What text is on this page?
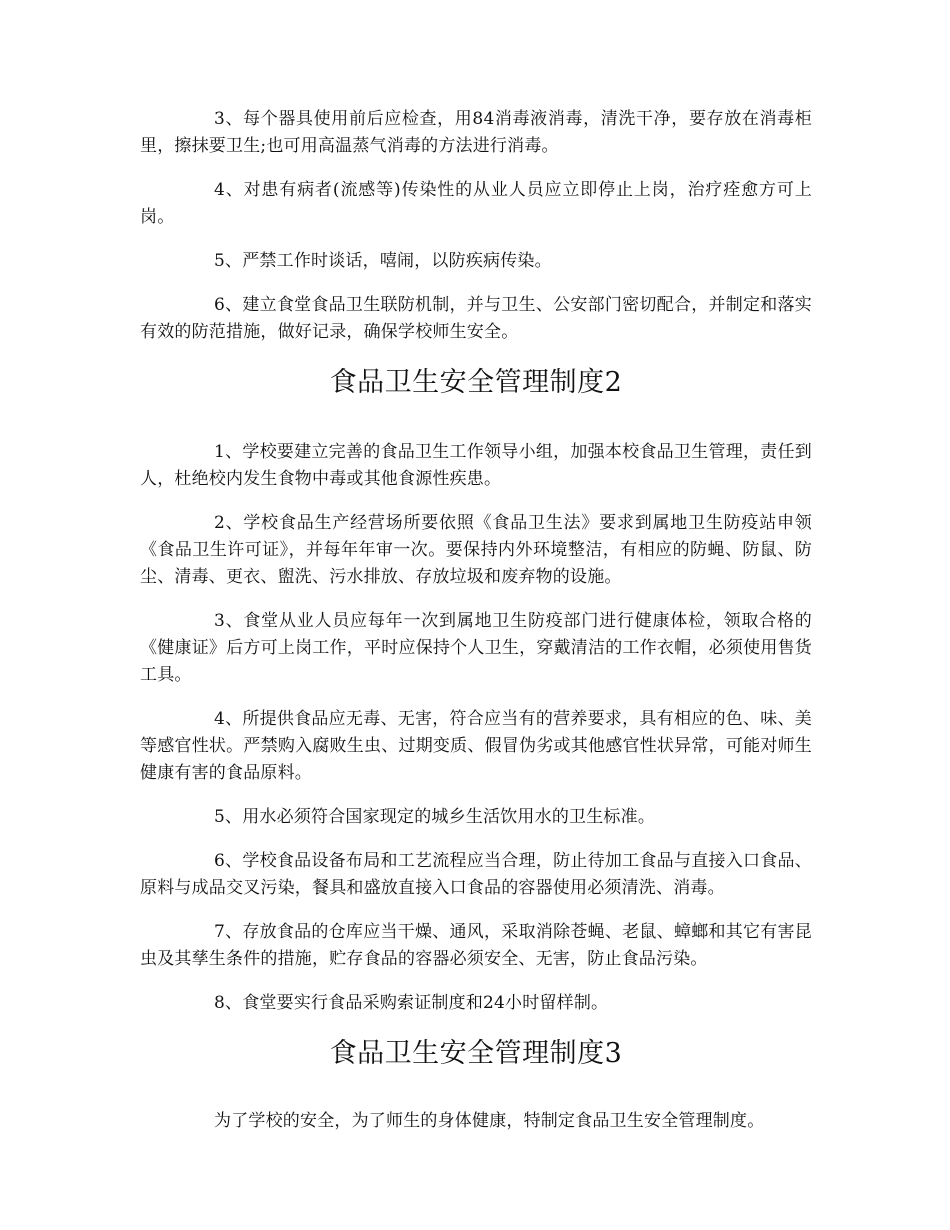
3、每个器具使用前后应检查，用84消毒液消毒，清洗干净，要存放在消毒柜里，擦抹要卫生;也可用高温蒸气消毒的方法进行消毒。

4、对患有病者(流感等)传染性的从业人员应立即停止上岗，治疗痊愈方可上岗。

5、严禁工作时谈话，嘻闹，以防疾病传染。

6、建立食堂食品卫生联防机制，并与卫生、公安部门密切配合，并制定和落实有效的防范措施，做好记录，确保学校师生安全。

食品卫生安全管理制度2

1、学校要建立完善的食品卫生工作领导小组，加强本校食品卫生管理，责任到人，杜绝校内发生食物中毒或其他食源性疾患。

2、学校食品生产经营场所要依照《食品卫生法》要求到属地卫生防疫站申领《食品卫生许可证》，并每年年审一次。要保持内外环境整洁，有相应的防蝇、防鼠、防尘、清毒、更衣、盥洗、污水排放、存放垃圾和废弃物的设施。

3、食堂从业人员应每年一次到属地卫生防疫部门进行健康体检，领取合格的《健康证》后方可上岗工作，平时应保持个人卫生，穿戴清洁的工作衣帽，必须使用售货工具。

4、所提供食品应无毒、无害，符合应当有的营养要求，具有相应的色、味、美等感官性状。严禁购入腐败生虫、过期变质、假冒伪劣或其他感官性状异常，可能对师生健康有害的食品原料。

5、用水必须符合国家现定的城乡生活饮用水的卫生标准。

6、学校食品设备布局和工艺流程应当合理，防止待加工食品与直接入口食品、原料与成品交叉污染，餐具和盛放直接入口食品的容器使用必须清洗、消毒。

7、存放食品的仓库应当干燥、通风，采取消除苍蝇、老鼠、蟑螂和其它有害昆虫及其孳生条件的措施，贮存食品的容器必须安全、无害，防止食品污染。

8、食堂要实行食品采购索证制度和24小时留样制。

食品卫生安全管理制度3

为了学校的安全，为了师生的身体健康，特制定食品卫生安全管理制度。
